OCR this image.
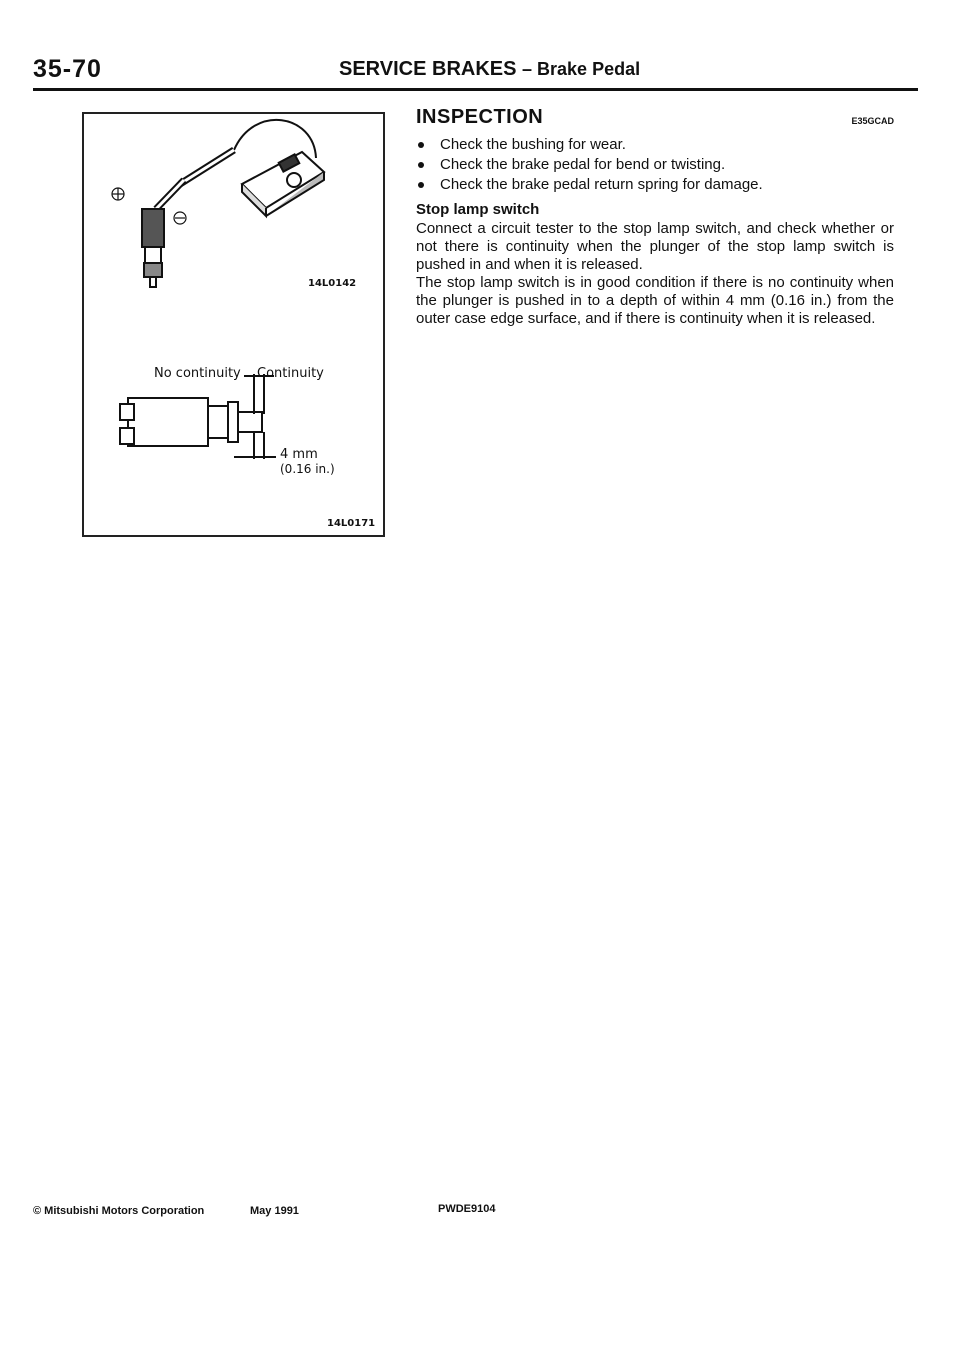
35-70	SERVICE BRAKES – Brake Pedal
14L0142
No continuity Continuity
4 mm
(0.16 in.)
14L0171
INSPECTION	E35GCAD
Check the bushing for wear.
Check the brake pedal for bend or twisting.
Check the brake pedal return spring for damage.
Stop lamp switch

Connect a circuit tester to the stop lamp switch, and check whether or not there is continuity when the plunger of the stop lamp switch is pushed in and when it is released.

The stop lamp switch is in good condition if there is no continuity when the plunger is pushed in to a depth of within 4 mm (0.16 in.) from the outer case edge surface, and if there is continuity when it is released.

© Mitsubishi Motors Corporation	May 1991	PWDE9104
